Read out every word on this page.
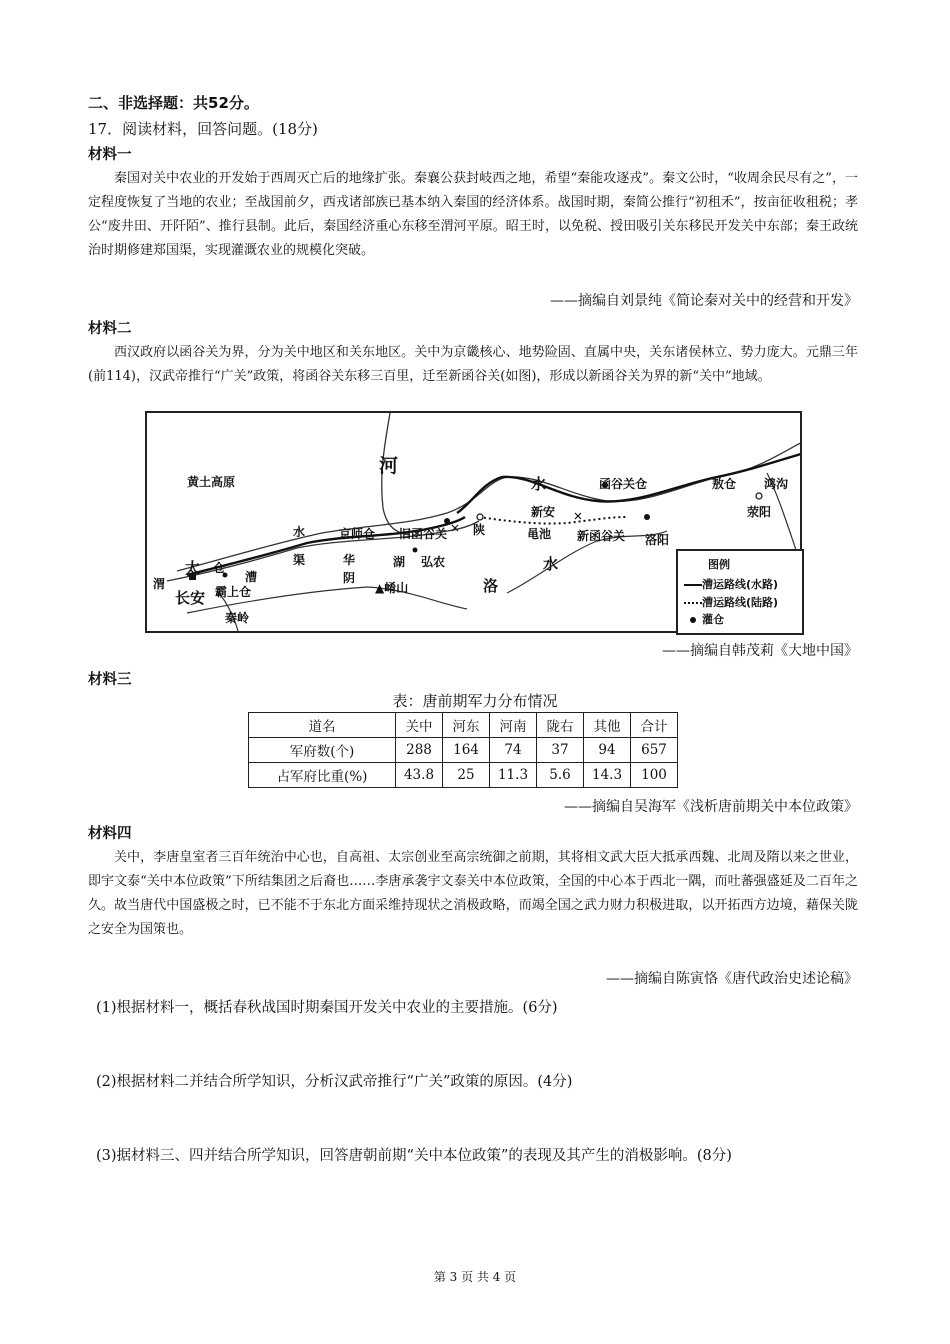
二、非选择题：共52分。
17．阅读材料，回答问题。(18分)
材料一
秦国对关中农业的开发始于西周灭亡后的地缘扩张。秦襄公获封岐西之地，希望“秦能攻逐戎”。秦文公时，“收周余民尽有之”，一定程度恢复了当地的农业；至战国前夕，西戎诸部族已基本纳入秦国的经济体系。战国时期，秦简公推行“初租禾”，按亩征收租税；孝公“废井田、开阡陌”、推行县制。此后，秦国经济重心东移至渭河平原。昭王时，以免税、授田吸引关东移民开发关中东部；秦王政统治时期修建郑国渠，实现灌溉农业的规模化突破。
——摘编自刘景纯《简论秦对关中的经营和开发》
材料二
西汉政府以函谷关为界，分为关中地区和关东地区。关中为京畿核心、地势险固、直属中央，关东诸侯林立、势力庞大。元鼎三年(前114)，汉武帝推行“广关”政策，将函谷关东移三百里，迁至新函谷关(如图)，形成以新函谷关为界的新“关中”地域。
黄土高原
河
水	函谷关仓	敖仓 鸿沟
新安	荥阳
水	京师仓 旧函谷关 陕	黾池 新函谷关 洛阳
渠	华	湖 弘农	水
太 仓
漕	阴
渭	▲崤山	洛
霸上仓
长安
秦岭
图例
漕运路线(水路)
漕运路线(陆路)
灌仓
——摘编自韩茂莉《大地中国》
材料三
表：唐前期军力分布情况
道名	关中	河东	河南	陇右	其他	合计
军府数(个)	288	164	74	37	94	657
占军府比重(%)	43.8	25	11.3	5.6	14.3	100
——摘编自吴海军《浅析唐前期关中本位政策》
材料四
关中，李唐皇室者三百年统治中心也，自高祖、太宗创业至高宗统御之前期，其将相文武大臣大抵承西魏、北周及隋以来之世业，即宇文泰“关中本位政策”下所结集团之后裔也……李唐承袭宇文泰关中本位政策，全国的中心本于西北一隅，而吐蕃强盛延及二百年之久。故当唐代中国盛极之时，已不能不于东北方面采维持现状之消极政略，而竭全国之武力财力积极进取，以开拓西方边境，藉保关陇之安全为国策也。
——摘编自陈寅恪《唐代政治史述论稿》
(1)根据材料一，概括春秋战国时期秦国开发关中农业的主要措施。(6分)
(2)根据材料二并结合所学知识，分析汉武帝推行“广关”政策的原因。(4分)
(3)据材料三、四并结合所学知识，回答唐朝前期“关中本位政策”的表现及其产生的消极影响。(8分)
第 3 页 共 4 页
